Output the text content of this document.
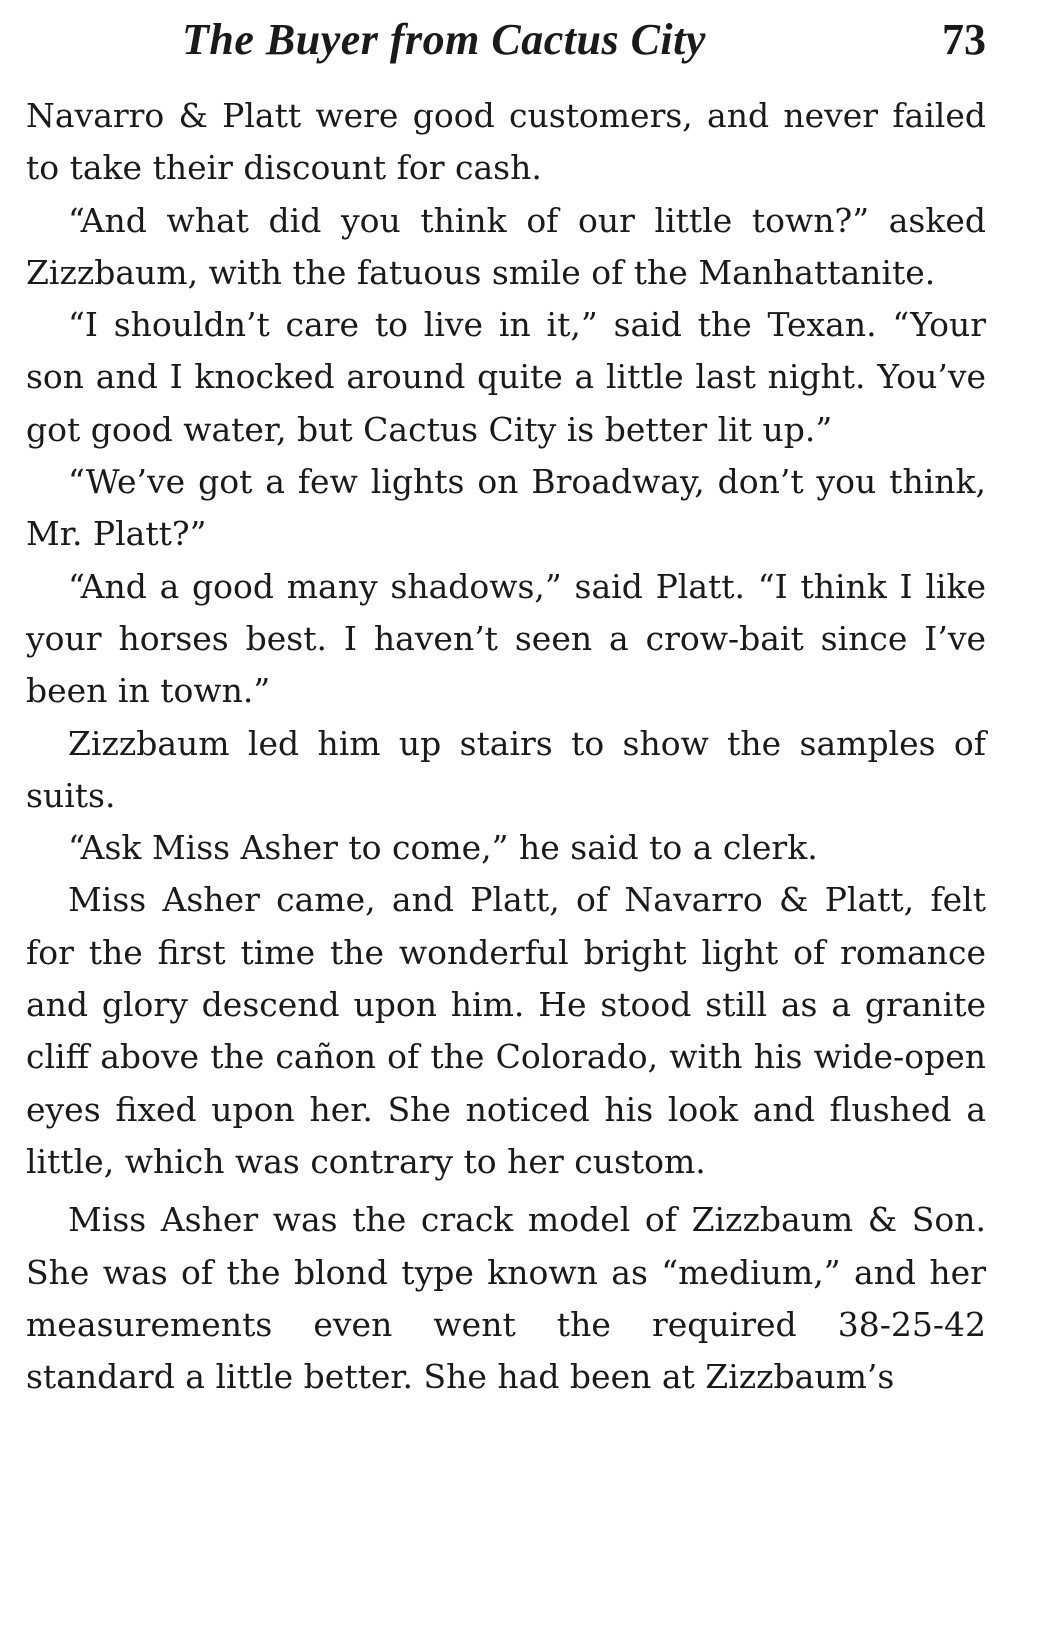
The Buyer from Cactus City	73

Navarro & Platt were good customers, and never failed to take their discount for cash.

“And what did you think of our little town?” asked Zizzbaum, with the fatuous smile of the Manhattanite.

“I shouldn’t care to live in it,” said the Texan. “Your son and I knocked around quite a little last night. You’ve got good water, but Cactus City is better lit up.”

“We’ve got a few lights on Broadway, don’t you think, Mr. Platt?”

“And a good many shadows,” said Platt. “I think I like your horses best. I haven’t seen a crow-bait since I’ve been in town.”

Zizzbaum led him up stairs to show the samples of suits.

“Ask Miss Asher to come,” he said to a clerk.

Miss Asher came, and Platt, of Navarro & Platt, felt for the first time the wonderful bright light of romance and glory descend upon him. He stood still as a granite cliff above the cañon of the Colorado, with his wide-open eyes fixed upon her. She noticed his look and flushed a little, which was contrary to her custom.

Miss Asher was the crack model of Zizzbaum & Son. She was of the blond type known as “medium,” and her measurements even went the required 38-25-42 standard a little better. She had been at Zizzbaum’s
